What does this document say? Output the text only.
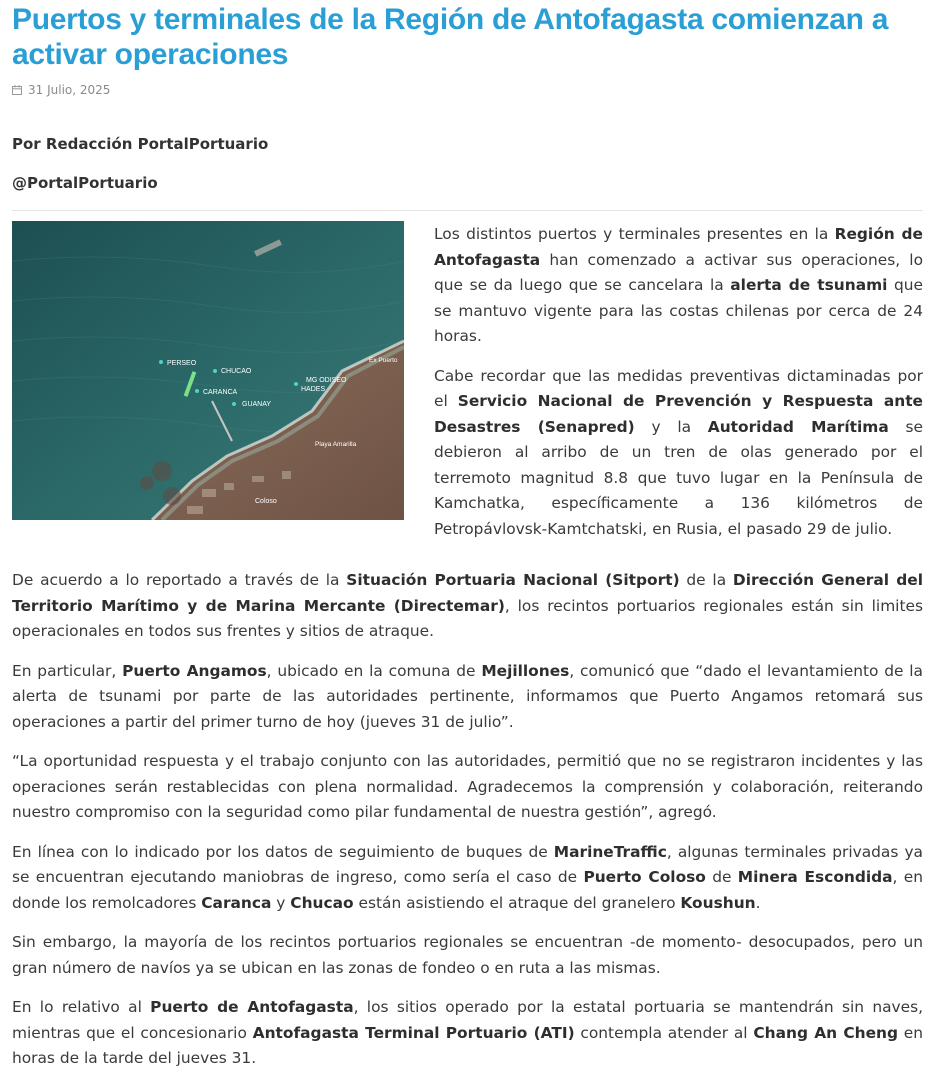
Puertos y terminales de la Región de Antofagasta comienzan a activar operaciones
31 Julio, 2025
Por Redacción PortalPortuario
@PortalPortuario
PERSEO
CHUCAO
CARANCA
GUANAY
MG ODISEO
HADES
Ex Puerto
Playa Amarilla
Coloso

Los distintos puertos y terminales presentes en la Región de Antofagasta han comenzado a activar sus operaciones, lo que se da luego que se cancelara la alerta de tsunami que se mantuvo vigente para las costas chilenas por cerca de 24 horas.

Cabe recordar que las medidas preventivas dictaminadas por el Servicio Nacional de Prevención y Respuesta ante Desastres (Senapred) y la Autoridad Marítima se debieron al arribo de un tren de olas generado por el terremoto magnitud 8.8 que tuvo lugar en la Península de Kamchatka, específicamente a 136 kilómetros de Petropávlovsk-Kamtchatski, en Rusia, el pasado 29 de julio.

De acuerdo a lo reportado a través de la Situación Portuaria Nacional (Sitport) de la Dirección General del Territorio Marítimo y de Marina Mercante (Directemar), los recintos portuarios regionales están sin limites operacionales en todos sus frentes y sitios de atraque.

En particular, Puerto Angamos, ubicado en la comuna de Mejillones, comunicó que “dado el levantamiento de la alerta de tsunami por parte de las autoridades pertinente, informamos que Puerto Angamos retomará sus operaciones a partir del primer turno de hoy (jueves 31 de julio”.

“La oportunidad respuesta y el trabajo conjunto con las autoridades, permitió que no se registraron incidentes y las operaciones serán restablecidas con plena normalidad. Agradecemos la comprensión y colaboración, reiterando nuestro compromiso con la seguridad como pilar fundamental de nuestra gestión”, agregó.

En línea con lo indicado por los datos de seguimiento de buques de MarineTraffic, algunas terminales privadas ya se encuentran ejecutando maniobras de ingreso, como sería el caso de Puerto Coloso de Minera Escondida, en donde los remolcadores Caranca y Chucao están asistiendo el atraque del granelero Koushun.

Sin embargo, la mayoría de los recintos portuarios regionales se encuentran -de momento- desocupados, pero un gran número de navíos ya se ubican en las zonas de fondeo o en ruta a las mismas.

En lo relativo al Puerto de Antofagasta, los sitios operado por la estatal portuaria se mantendrán sin naves, mientras que el concesionario Antofagasta Terminal Portuario (ATI) contempla atender al Chang An Cheng en horas de la tarde del jueves 31.
